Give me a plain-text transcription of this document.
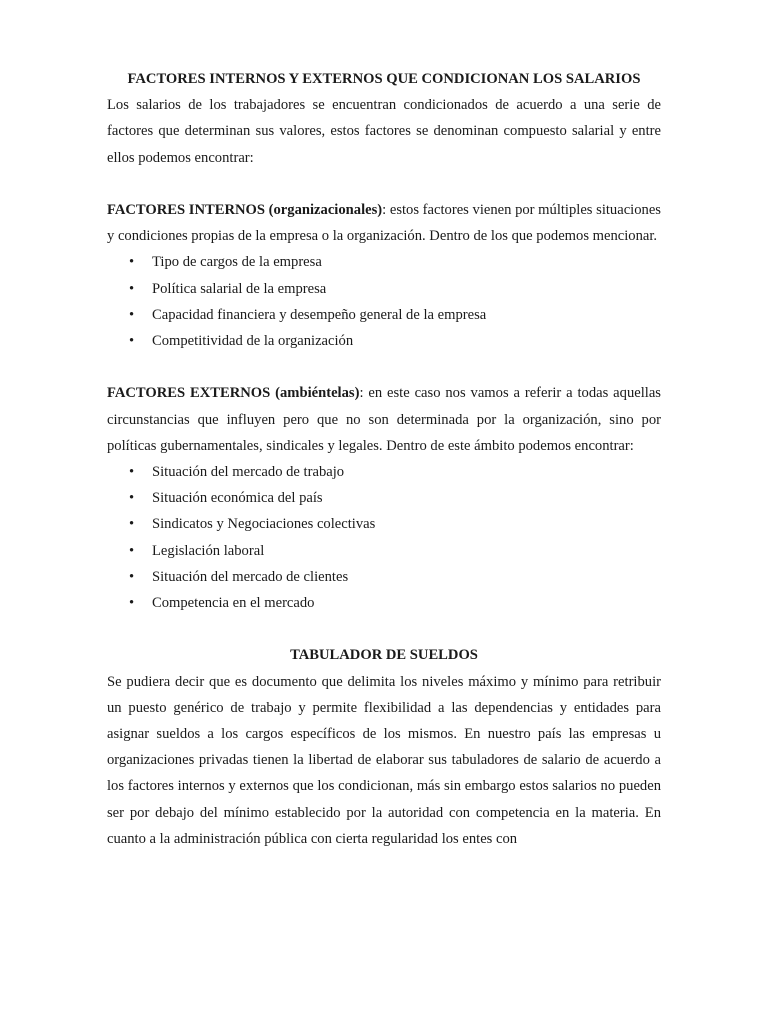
FACTORES INTERNOS Y EXTERNOS QUE CONDICIONAN LOS SALARIOS

Los salarios de los trabajadores se encuentran condicionados de acuerdo a una serie de factores que determinan sus valores, estos factores se denominan compuesto salarial y entre ellos podemos encontrar:

FACTORES INTERNOS (organizacionales): estos factores vienen por múltiples situaciones y condiciones propias de la empresa o la organización. Dentro de los que podemos mencionar.

• Tipo de cargos de la empresa
• Política salarial de la empresa
• Capacidad financiera y desempeño general de la empresa
• Competitividad de la organización

FACTORES EXTERNOS (ambiéntelas): en este caso nos vamos a referir a todas aquellas circunstancias que influyen pero que no son determinada por la organización, sino por políticas gubernamentales, sindicales y legales. Dentro de este ámbito podemos encontrar:

• Situación del mercado de trabajo
• Situación económica del país
• Sindicatos y Negociaciones colectivas
• Legislación laboral
• Situación del mercado de clientes
• Competencia en el mercado
TABULADOR DE SUELDOS

Se pudiera decir que es documento que delimita los niveles máximo y mínimo para retribuir un puesto genérico de trabajo y permite flexibilidad a las dependencias y entidades para asignar sueldos a los cargos específicos de los mismos. En nuestro país las empresas u organizaciones privadas tienen la libertad de elaborar sus tabuladores de salario de acuerdo a los factores internos y externos que los condicionan, más sin embargo estos salarios no pueden ser por debajo del mínimo establecido por la autoridad con competencia en la materia. En cuanto a la administración pública con cierta regularidad los entes con
